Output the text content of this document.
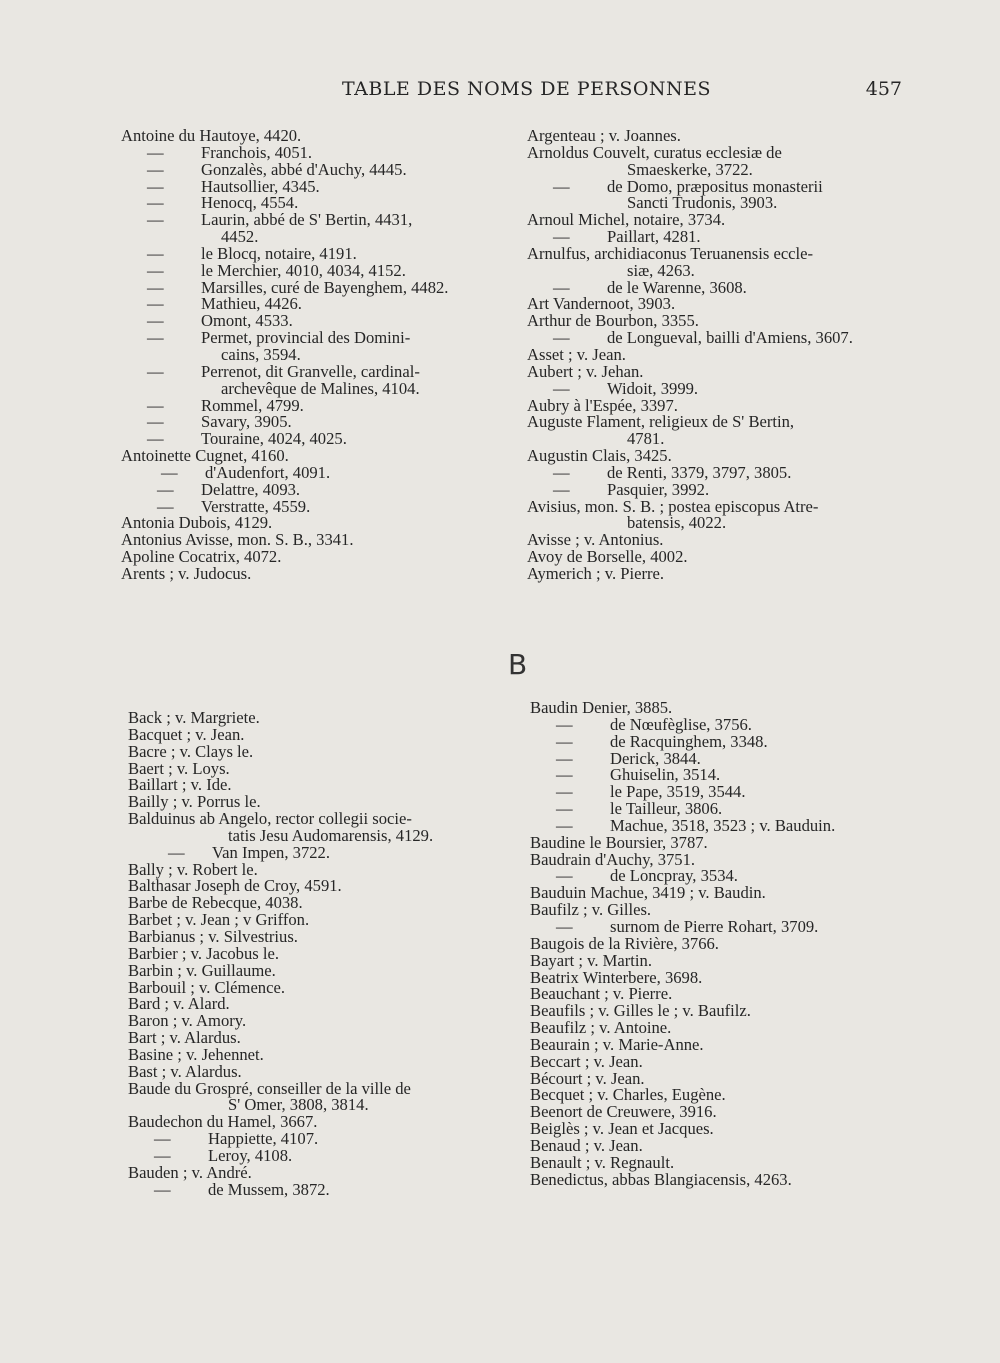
TABLE DES NOMS DE PERSONNES	457
Antoine du Hautoye, 4420.
— Franchois, 4051.
— Gonzalès, abbé d'Auchy, 4445.
— Hautsollier, 4345.
— Henocq, 4554.
— Laurin, abbé de S' Bertin, 4431,
4452.
— le Blocq, notaire, 4191.
— le Merchier, 4010, 4034, 4152.
— Marsilles, curé de Bayenghem, 4482.
— Mathieu, 4426.
— Omont, 4533.
— Permet, provincial des Domini-
cains, 3594.
— Perrenot, dit Granvelle, cardinal-
archevêque de Malines, 4104.
— Rommel, 4799.
— Savary, 3905.
— Touraine, 4024, 4025.
Antoinette Cugnet, 4160.
— d'Audenfort, 4091.
— Delattre, 4093.
— Verstratte, 4559.
Antonia Dubois, 4129.
Antonius Avisse, mon. S. B., 3341.
Apoline Cocatrix, 4072.
Arents ; v. Judocus.
Argenteau ; v. Joannes.
Arnoldus Couvelt, curatus ecclesiæ de
Smaeskerke, 3722.
— de Domo, præpositus monasterii
Sancti Trudonis, 3903.
Arnoul Michel, notaire, 3734.
— Paillart, 4281.
Arnulfus, archidiaconus Teruanensis eccle-
siæ, 4263.
— de le Warenne, 3608.
Art Vandernoot, 3903.
Arthur de Bourbon, 3355.
— de Longueval, bailli d'Amiens, 3607.
Asset ; v. Jean.
Aubert ; v. Jehan.
— Widoit, 3999.
Aubry à l'Espée, 3397.
Auguste Flament, religieux de S' Bertin,
4781.
Augustin Clais, 3425.
— de Renti, 3379, 3797, 3805.
— Pasquier, 3992.
Avisius, mon. S. B. ; postea episcopus Atre-
batensis, 4022.
Avisse ; v. Antonius.
Avoy de Borselle, 4002.
Aymerich ; v. Pierre.
B
Back ; v. Margriete.
Bacquet ; v. Jean.
Bacre ; v. Clays le.
Baert ; v. Loys.
Baillart ; v. Ide.
Bailly ; v. Porrus le.
Balduinus ab Angelo, rector collegii socie-
tatis Jesu Audomarensis, 4129.
— Van Impen, 3722.
Bally ; v. Robert le.
Balthasar Joseph de Croy, 4591.
Barbe de Rebecque, 4038.
Barbet ; v. Jean ; v Griffon.
Barbianus ; v. Silvestrius.
Barbier ; v. Jacobus le.
Barbin ; v. Guillaume.
Barbouil ; v. Clémence.
Bard ; v. Alard.
Baron ; v. Amory.
Bart ; v. Alardus.
Basine ; v. Jehennet.
Bast ; v. Alardus.
Baude du Grospré, conseiller de la ville de
S' Omer, 3808, 3814.
Baudechon du Hamel, 3667.
— Happiette, 4107.
— Leroy, 4108.
Bauden ; v. André.
— de Mussem, 3872.
Baudin Denier, 3885.
— de Nœufèglise, 3756.
— de Racquinghem, 3348.
— Derick, 3844.
— Ghuiselin, 3514.
— le Pape, 3519, 3544.
— le Tailleur, 3806.
— Machue, 3518, 3523 ; v. Bauduin.
Baudine le Boursier, 3787.
Baudrain d'Auchy, 3751.
— de Loncpray, 3534.
Bauduin Machue, 3419 ; v. Baudin.
Baufilz ; v. Gilles.
— surnom de Pierre Rohart, 3709.
Baugois de la Rivière, 3766.
Bayart ; v. Martin.
Beatrix Winterbere, 3698.
Beauchant ; v. Pierre.
Beaufils ; v. Gilles le ; v. Baufilz.
Beaufilz ; v. Antoine.
Beaurain ; v. Marie-Anne.
Beccart ; v. Jean.
Bécourt ; v. Jean.
Becquet ; v. Charles, Eugène.
Beenort de Creuwere, 3916.
Beiglès ; v. Jean et Jacques.
Benaud ; v. Jean.
Benault ; v. Regnault.
Benedictus, abbas Blangiacensis, 4263.
